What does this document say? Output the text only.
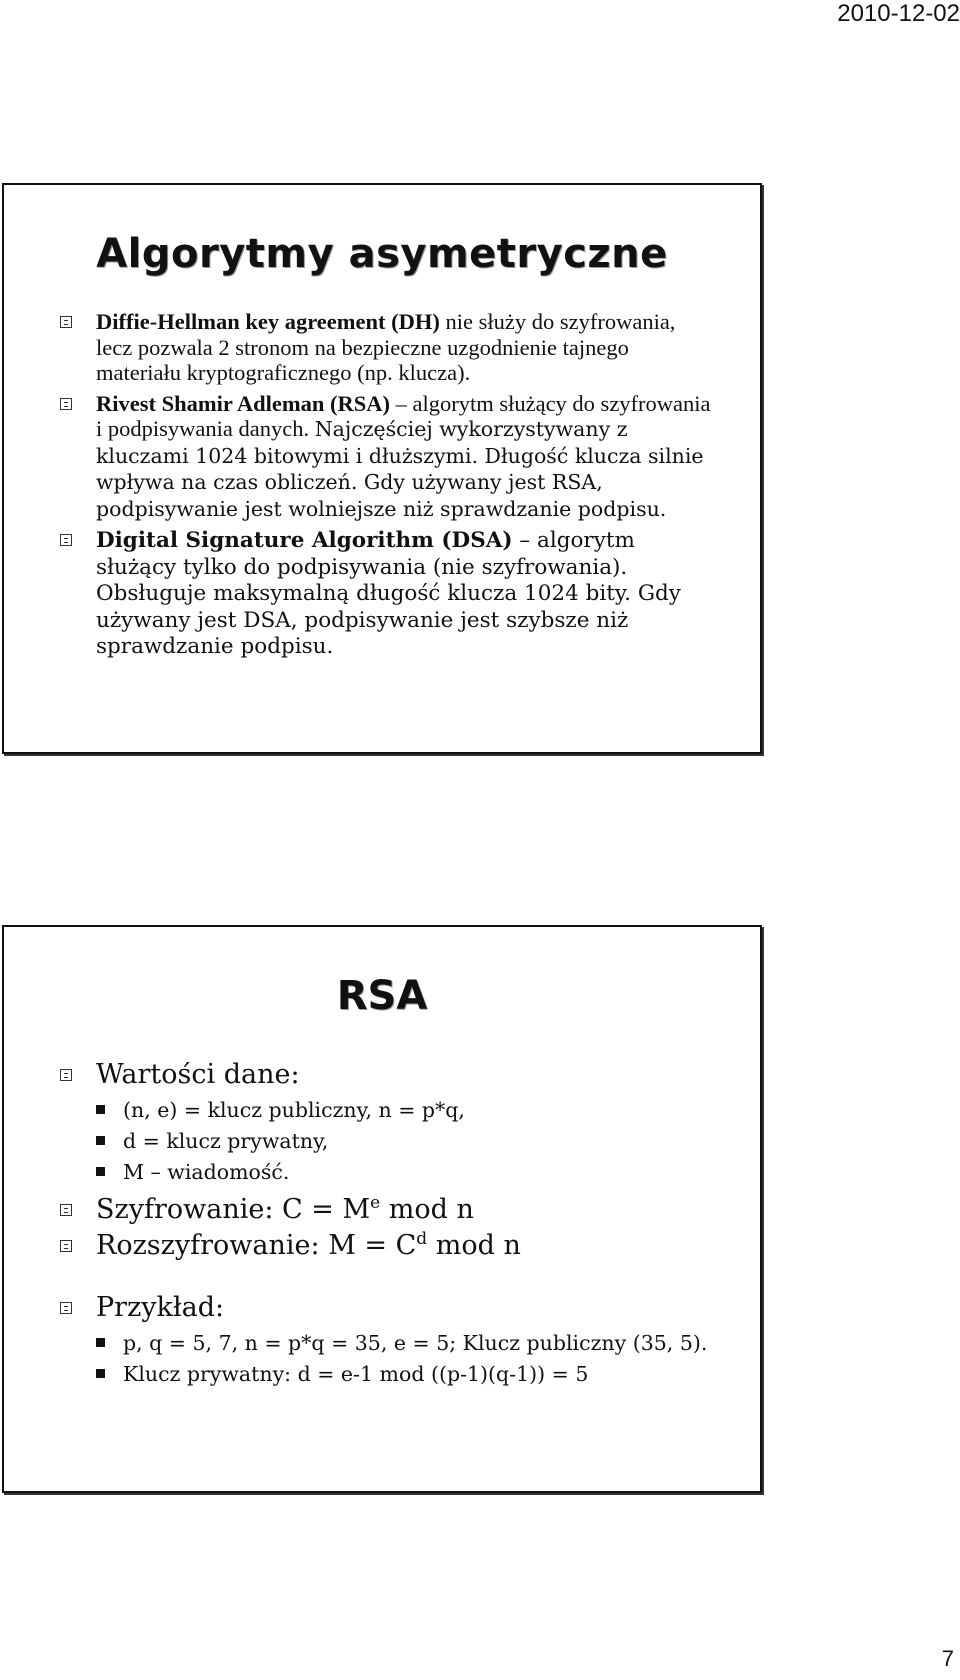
2010-12-02
Algorytmy asymetryczne
Diffie-Hellman key agreement (DH) nie służy do szyfrowania, lecz pozwala 2 stronom na bezpieczne uzgodnienie tajnego materiału kryptograficznego (np. klucza).
Rivest Shamir Adleman (RSA) – algorytm służący do szyfrowania i podpisywania danych. Najczęściej wykorzystywany z kluczami 1024 bitowymi i dłuższymi. Długość klucza silnie wpływa na czas obliczeń. Gdy używany jest RSA, podpisywanie jest wolniejsze niż sprawdzanie podpisu.
Digital Signature Algorithm (DSA) – algorytm służący tylko do podpisywania (nie szyfrowania). Obsługuje maksymalną długość klucza 1024 bity. Gdy używany jest DSA, podpisywanie jest szybsze niż sprawdzanie podpisu.
RSA
Wartości dane:
(n, e) = klucz publiczny, n = p*q,
d = klucz prywatny,
M – wiadomość.
Szyfrowanie: $C = M^e$ mod n
Rozszyfrowanie: $M = C^d$ mod n
Przykład:
p, q = 5, 7, n = p*q = 35, e = 5; Klucz publiczny (35, 5).
Klucz prywatny: d = e-1 mod ((p-1)(q-1)) = 5
7
